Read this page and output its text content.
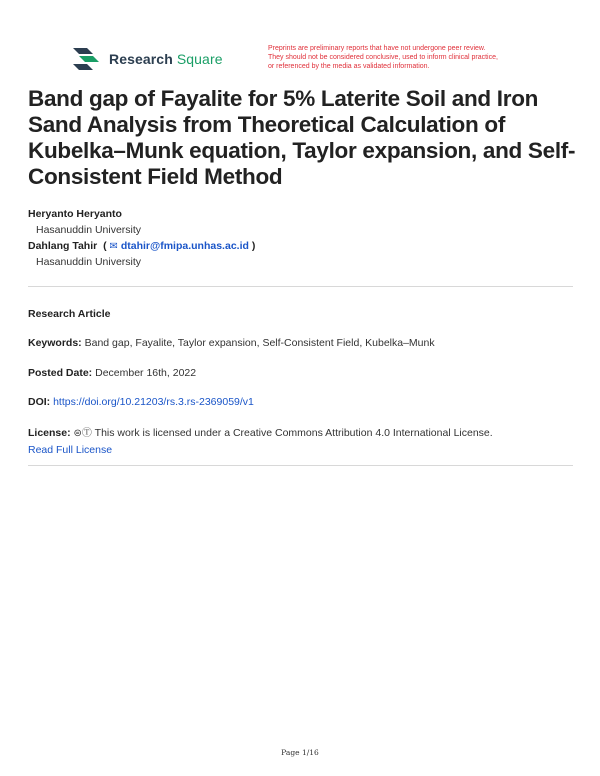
Research Square
Preprints are preliminary reports that have not undergone peer review.
They should not be considered conclusive, used to inform clinical practice,
or referenced by the media as validated information.
Band gap of Fayalite for 5% Laterite Soil and Iron Sand Analysis from Theoretical Calculation of Kubelka–Munk equation, Taylor expansion, and Self-Consistent Field Method
Heryanto Heryanto
Hasanuddin University
Dahlang Tahir  ( ✉ dtahir@fmipa.unhas.ac.id )
Hasanuddin University
Research Article
Keywords: Band gap, Fayalite, Taylor expansion, Self-Consistent Field, Kubelka–Munk
Posted Date: December 16th, 2022
DOI: https://doi.org/10.21203/rs.3.rs-2369059/v1
License: ⊜Ⓣ This work is licensed under a Creative Commons Attribution 4.0 International License.
Read Full License
Page 1/16
